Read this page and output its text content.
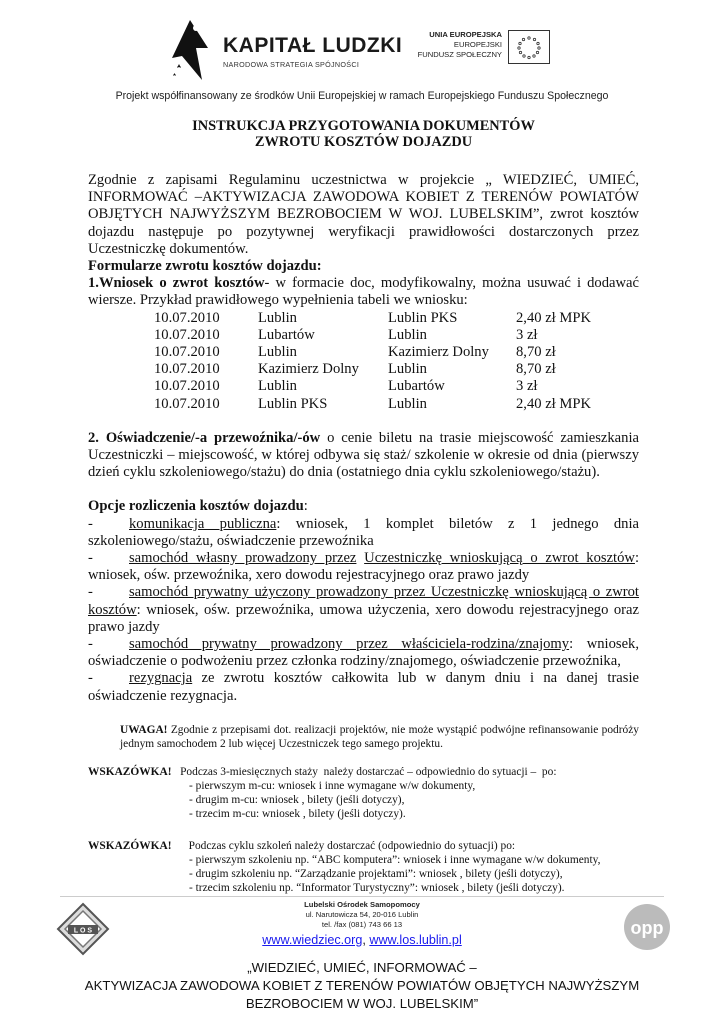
KAPITAŁ LUDZKI
NARODOWA STRATEGIA SPÓJNOŚCI
UNIA EUROPEJSKA
EUROPEJSKI
FUNDUSZ SPOŁECZNY
Projekt współfinansowany ze środków Unii Europejskiej w ramach Europejskiego Funduszu Społecznego
INSTRUKCJA PRZYGOTOWANIA DOKUMENTÓW
ZWROTU KOSZTÓW DOJAZDU

Zgodnie z zapisami Regulaminu uczestnictwa w projekcie „ WIEDZIEĆ, UMIEĆ, INFORMOWAĆ –AKTYWIZACJA ZAWODOWA KOBIET Z TERENÓW POWIATÓW OBJĘTYCH NAJWYŻSZYM BEZROBOCIEM W WOJ. LUBELSKIM”, zwrot kosztów dojazdu następuje po pozytywnej weryfikacji prawidłowości dostarczonych przez Uczestniczkę dokumentów.

Formularze zwrotu kosztów dojazdu:

1.Wniosek o zwrot kosztów- w formacie doc, modyfikowalny, można usuwać i dodawać wiersze. Przykład prawidłowego wypełnienia tabeli we wniosku:

10.07.2010	Lublin	Lublin PKS	2,40 zł MPK
10.07.2010	Lubartów	Lublin	3 zł
10.07.2010	Lublin	Kazimierz Dolny	8,70 zł
10.07.2010	Kazimierz Dolny	Lublin	8,70 zł
10.07.2010	Lublin	Lubartów	3 zł
10.07.2010	Lublin PKS	Lublin	2,40 zł MPK

2. Oświadczenie/-a przewoźnika/-ów o cenie biletu na trasie miejscowość zamieszkania Uczestniczki – miejscowość, w której odbywa się staż/ szkolenie w okresie od dnia (pierwszy dzień cyklu szkoleniowego/stażu) do dnia (ostatniego dnia cyklu szkoleniowego/stażu).

Opcje rozliczenia kosztów dojazdu:

- komunikacja publiczna: wniosek, 1 komplet biletów z 1 jednego dnia szkoleniowego/stażu, oświadczenie przewoźnika

- samochód własny prowadzony przez Uczestniczkę wnioskującą o zwrot kosztów: wniosek, ośw. przewoźnika, xero dowodu rejestracyjnego oraz prawo jazdy

- samochód prywatny użyczony prowadzony przez Uczestniczkę wnioskującą o zwrot kosztów: wniosek, ośw. przewoźnika, umowa użyczenia, xero dowodu rejestracyjnego oraz prawo jazdy

- samochód prywatny prowadzony przez właściciela-rodzina/znajomy: wniosek, oświadczenie o podwożeniu przez członka rodziny/znajomego, oświadczenie przewoźnika,

- rezygnacja ze zwrotu kosztów całkowita lub w danym dniu i na danej trasie oświadczenie rezygnacja.

UWAGA! Zgodnie z przepisami dot. realizacji projektów, nie może wystąpić podwójne refinansowanie podróży jednym samochodem 2 lub więcej Uczestniczek tego samego projektu.

WSKAZÓWKA!   Podczas 3-miesięcznych staży  należy dostarczać – odpowiednio do sytuacji –  po:
- pierwszym m-cu: wniosek i inne wymagane w/w dokumenty,
- drugim m-cu: wniosek , bilety (jeśli dotyczy),
- trzecim m-cu: wniosek , bilety (jeśli dotyczy).
WSKAZÓWKA!      Podczas cyklu szkoleń należy dostarczać (odpowiednio do sytuacji) po:
- pierwszym szkoleniu np. “ABC komputera”: wniosek i inne wymagane w/w dokumenty,
- drugim szkoleniu np. “Zarządzanie projektami”: wniosek , bilety (jeśli dotyczy),
- trzecim szkoleniu np. “Informator Turystyczny”: wniosek , bilety (jeśli dotyczy).
L O S	opp
Lubelski Ośrodek Samopomocy
ul. Narutowicza 54, 20-016 Lublin
tel. /fax (081) 743 66 13
www.wiedziec.org, www.los.lublin.pl
„WIEDZIEĆ, UMIEĆ, INFORMOWAĆ –
AKTYWIZACJA ZAWODOWA KOBIET Z TERENÓW POWIATÓW OBJĘTYCH NAJWYŻSZYM
BEZROBOCIEM W WOJ. LUBELSKIM”
